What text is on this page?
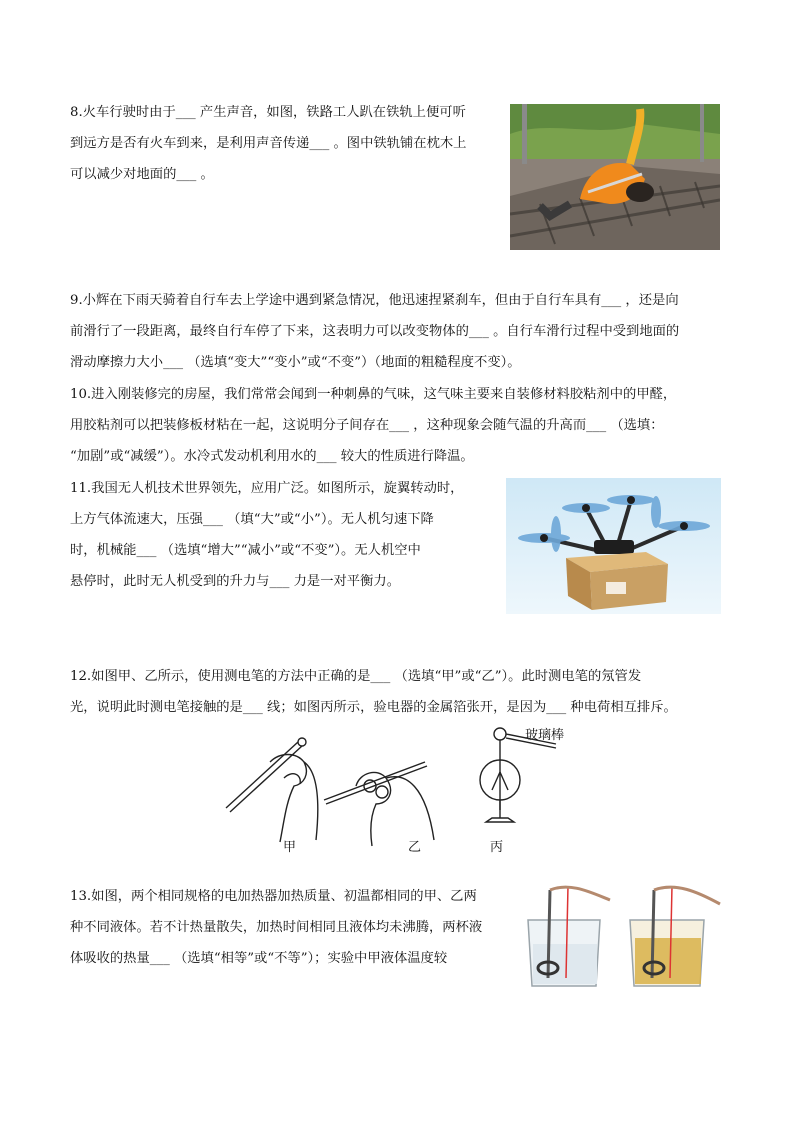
8.火车行驶时由于___ 产生声音，如图，铁路工人趴在铁轨上便可听
到远方是否有火车到来，是利用声音传递___ 。图中铁轨铺在枕木上
可以减少对地面的___ 。
9.小辉在下雨天骑着自行车去上学途中遇到紧急情况，他迅速捏紧刹车，但由于自行车具有___ ，还是向
前滑行了一段距离，最终自行车停了下来，这表明力可以改变物体的___ 。自行车滑行过程中受到地面的
滑动摩擦力大小___ （选填“变大”“变小”或“不变”）（地面的粗糙程度不变）。
10.进入刚装修完的房屋，我们常常会闻到一种刺鼻的气味，这气味主要来自装修材料胶粘剂中的甲醛，
用胶粘剂可以把装修板材粘在一起，这说明分子间存在___ ，这种现象会随气温的升高而___ （选填：
“加剧”或“减缓”）。水冷式发动机利用水的___ 较大的性质进行降温。
11.我国无人机技术世界领先，应用广泛。如图所示，旋翼转动时，
上方气体流速大，压强___ （填“大”或“小”）。无人机匀速下降
时，机械能___ （选填“增大”“减小”或“不变”）。无人机空中
悬停时，此时无人机受到的升力与___ 力是一对平衡力。
12.如图甲、乙所示，使用测电笔的方法中正确的是___ （选填“甲”或“乙”）。此时测电笔的氖管发
光，说明此时测电笔接触的是___ 线；如图丙所示，验电器的金属箔张开，是因为___ 种电荷相互排斥。
玻璃棒
甲	乙	丙
13.如图，两个相同规格的电加热器加热质量、初温都相同的甲、乙两
种不同液体。若不计热量散失，加热时间相同且液体均未沸腾，两杯液
体吸收的热量___ （选填“相等”或“不等”）；实验中甲液体温度较
